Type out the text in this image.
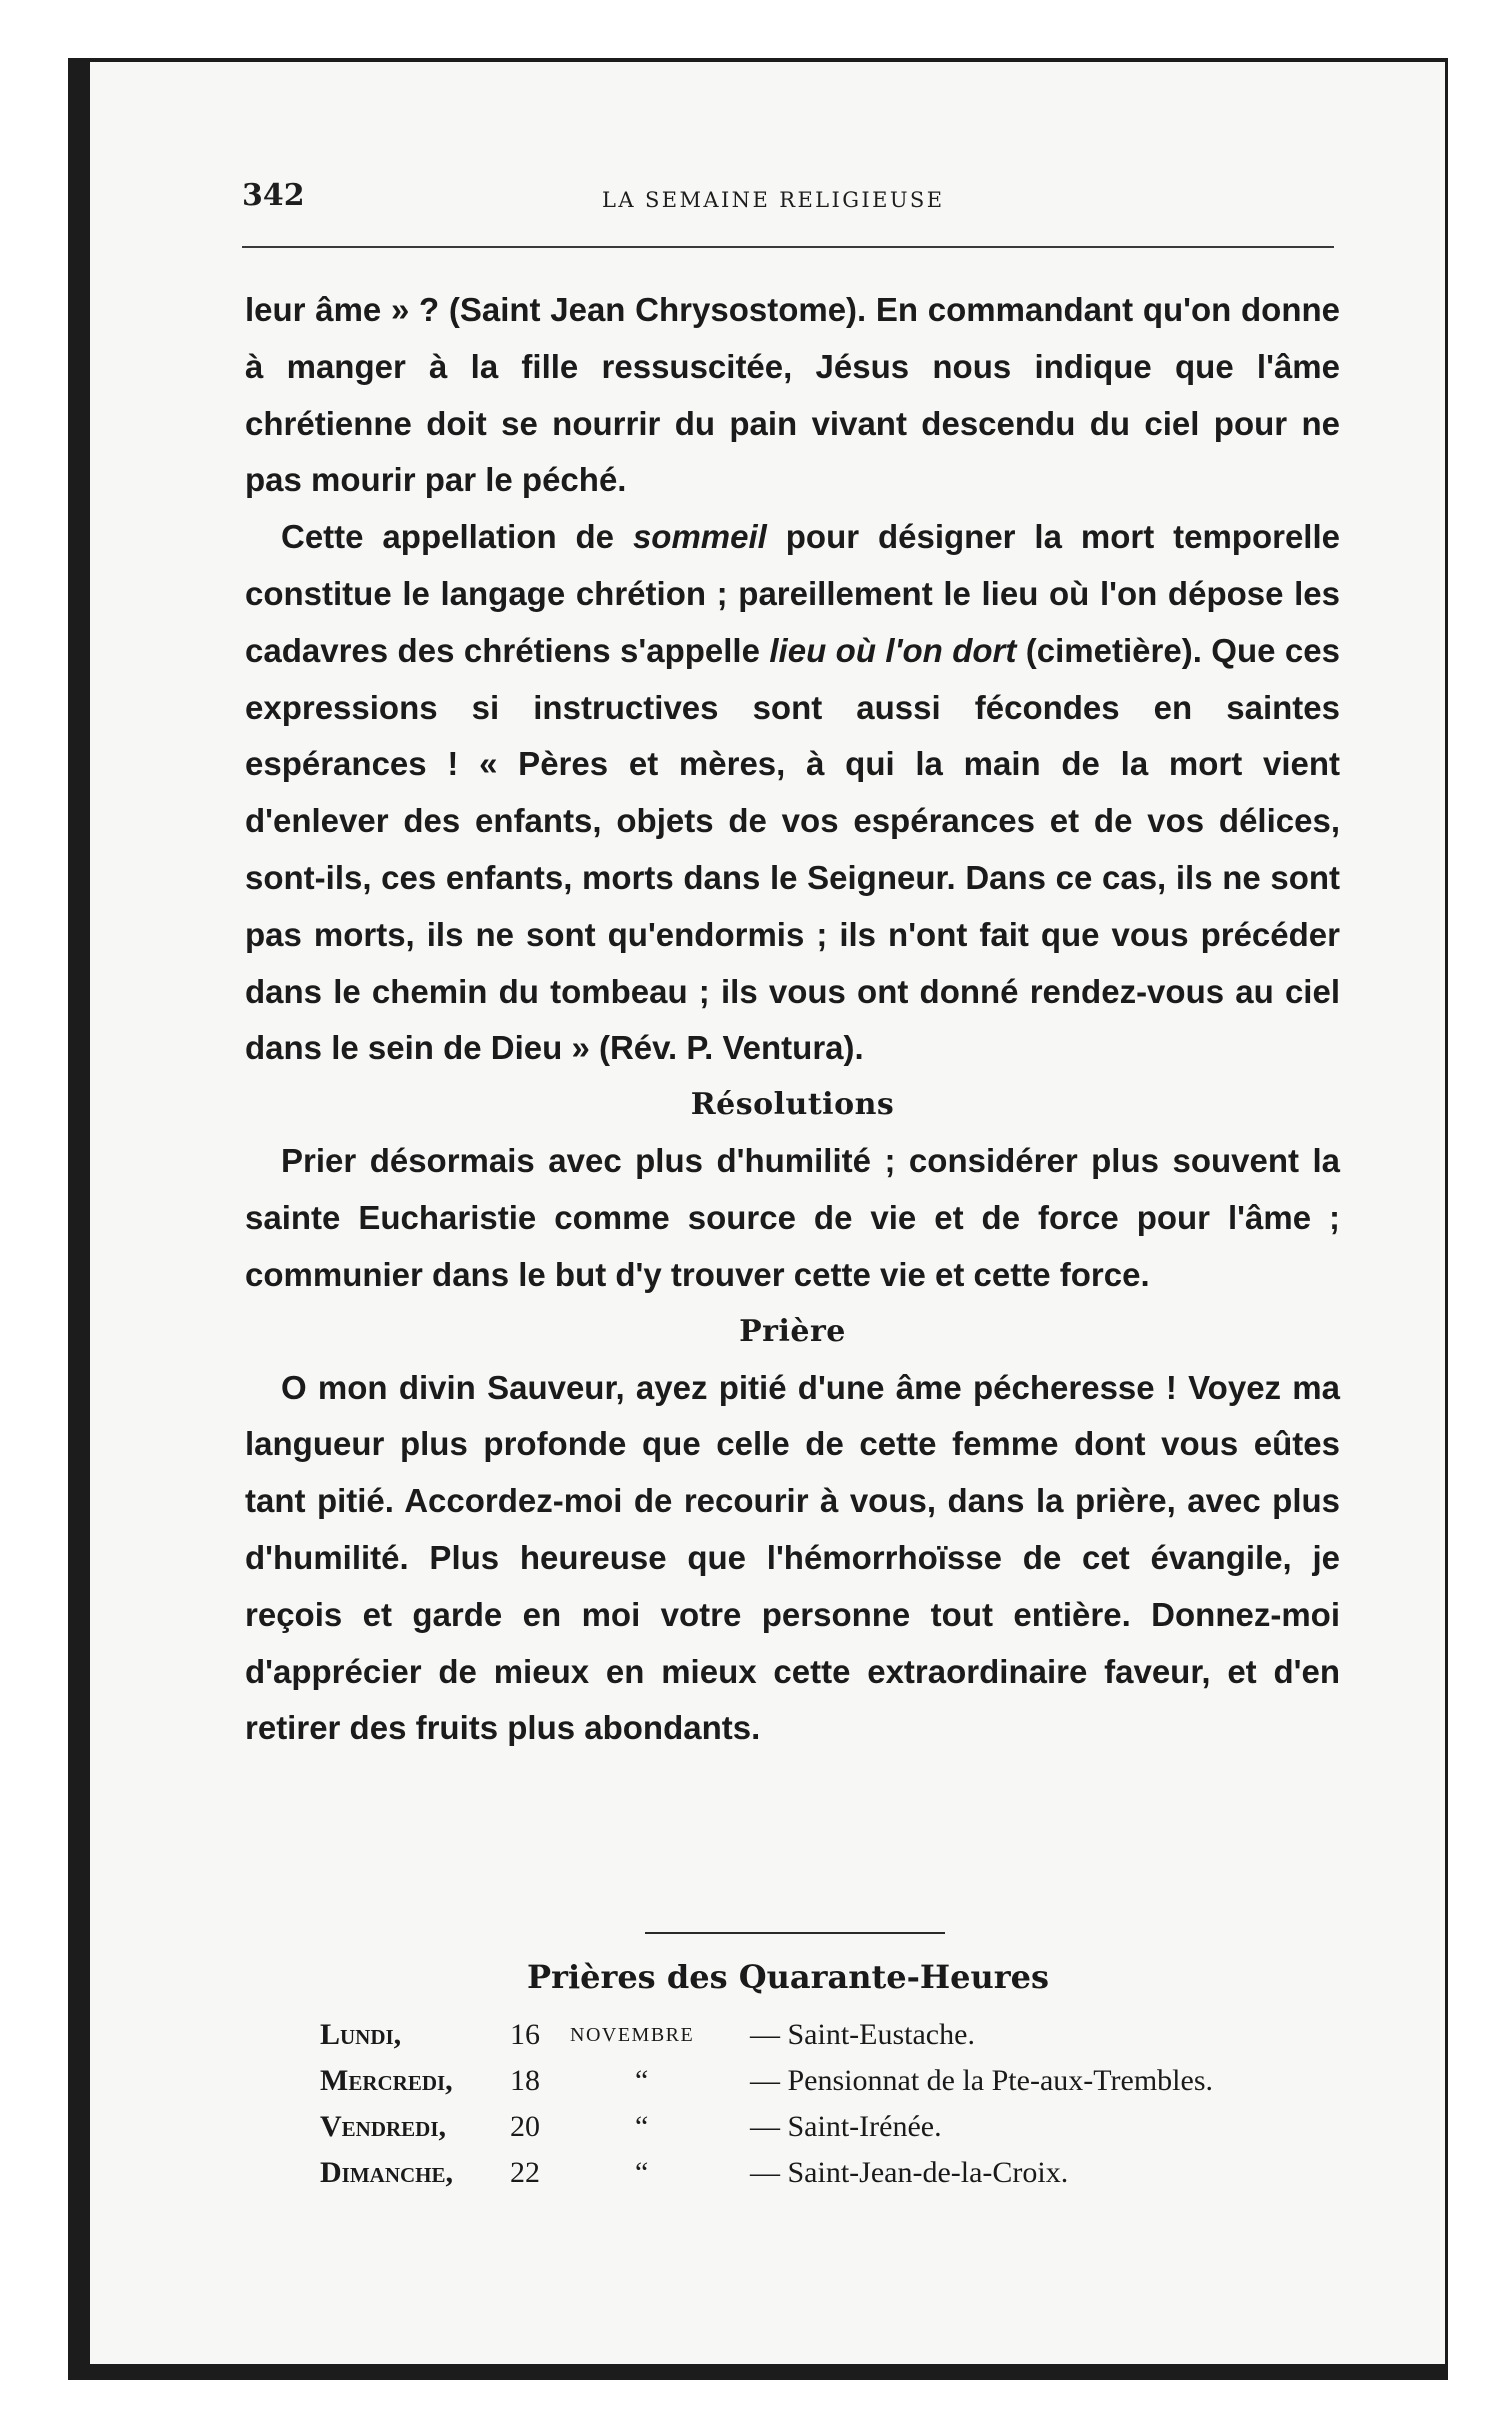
342	LA SEMAINE RELIGIEUSE

leur âme » ? (Saint Jean Chrysostome). En commandant qu'on donne à manger à la fille ressuscitée, Jésus nous indique que l'âme chrétienne doit se nourrir du pain vivant descendu du ciel pour ne pas mourir par le péché.

Cette appellation de sommeil pour désigner la mort temporelle constitue le langage chrétion ; pareillement le lieu où l'on dépose les cadavres des chrétiens s'appelle lieu où l'on dort (cimetière). Que ces expressions si instructives sont aussi fécondes en saintes espérances ! « Pères et mères, à qui la main de la mort vient d'enlever des enfants, objets de vos espérances et de vos délices, sont-ils, ces enfants, morts dans le Seigneur. Dans ce cas, ils ne sont pas morts, ils ne sont qu'endormis ; ils n'ont fait que vous précéder dans le chemin du tombeau ; ils vous ont donné rendez-vous au ciel dans le sein de Dieu » (Rév. P. Ventura).

Résolutions

Prier désormais avec plus d'humilité ; considérer plus souvent la sainte Eucharistie comme source de vie et de force pour l'âme ; communier dans le but d'y trouver cette vie et cette force.

Prière

O mon divin Sauveur, ayez pitié d'une âme pécheresse ! Voyez ma langueur plus profonde que celle de cette femme dont vous eûtes tant pitié. Accordez-moi de recourir à vous, dans la prière, avec plus d'humilité. Plus heureuse que l'hémorrhoïsse de cet évangile, je reçois et garde en moi votre personne tout entière. Donnez-moi d'apprécier de mieux en mieux cette extraordinaire faveur, et d'en retirer des fruits plus abondants.

Prières des Quarante-Heures
Lundi,	16 NOVEMBRE — Saint-Eustache.
Mercredi, 18	“	— Pensionnat de la Pte-aux-Trembles.
Vendredi, 20	“	— Saint-Irénée.
Dimanche, 22	“	— Saint-Jean-de-la-Croix.
